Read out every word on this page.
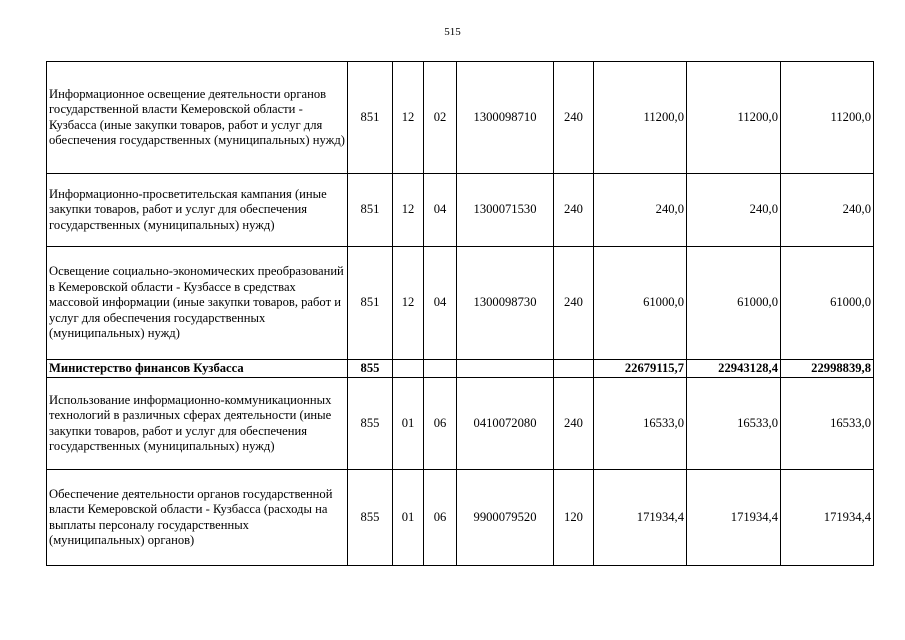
515
Информационное освещение деятельности органов государственной власти Кемеровской области - Кузбасса (иные закупки товаров, работ и услуг для обеспечения государственных (муниципальных) нужд)	851	12	02	1300098710	240	11200,0	11200,0	11200,0
Информационно-просветительская кампания (иные закупки товаров, работ и услуг для обеспечения государственных (муниципальных) нужд)	851	12	04	1300071530	240	240,0	240,0	240,0
Освещение социально-экономических преобразований в Кемеровской области - Кузбассе в средствах массовой информации (иные закупки товаров, работ и услуг для обеспечения государственных (муниципальных) нужд)	851	12	04	1300098730	240	61000,0	61000,0	61000,0
Министерство финансов Кузбасса	855					22679115,7	22943128,4	22998839,8
Использование информационно-коммуникационных технологий в различных сферах деятельности (иные закупки товаров, работ и услуг для обеспечения государственных (муниципальных) нужд)	855	01	06	0410072080	240	16533,0	16533,0	16533,0
Обеспечение деятельности органов государственной власти Кемеровской области - Кузбасса (расходы на выплаты персоналу государственных (муниципальных) органов)	855	01	06	9900079520	120	171934,4	171934,4	171934,4
